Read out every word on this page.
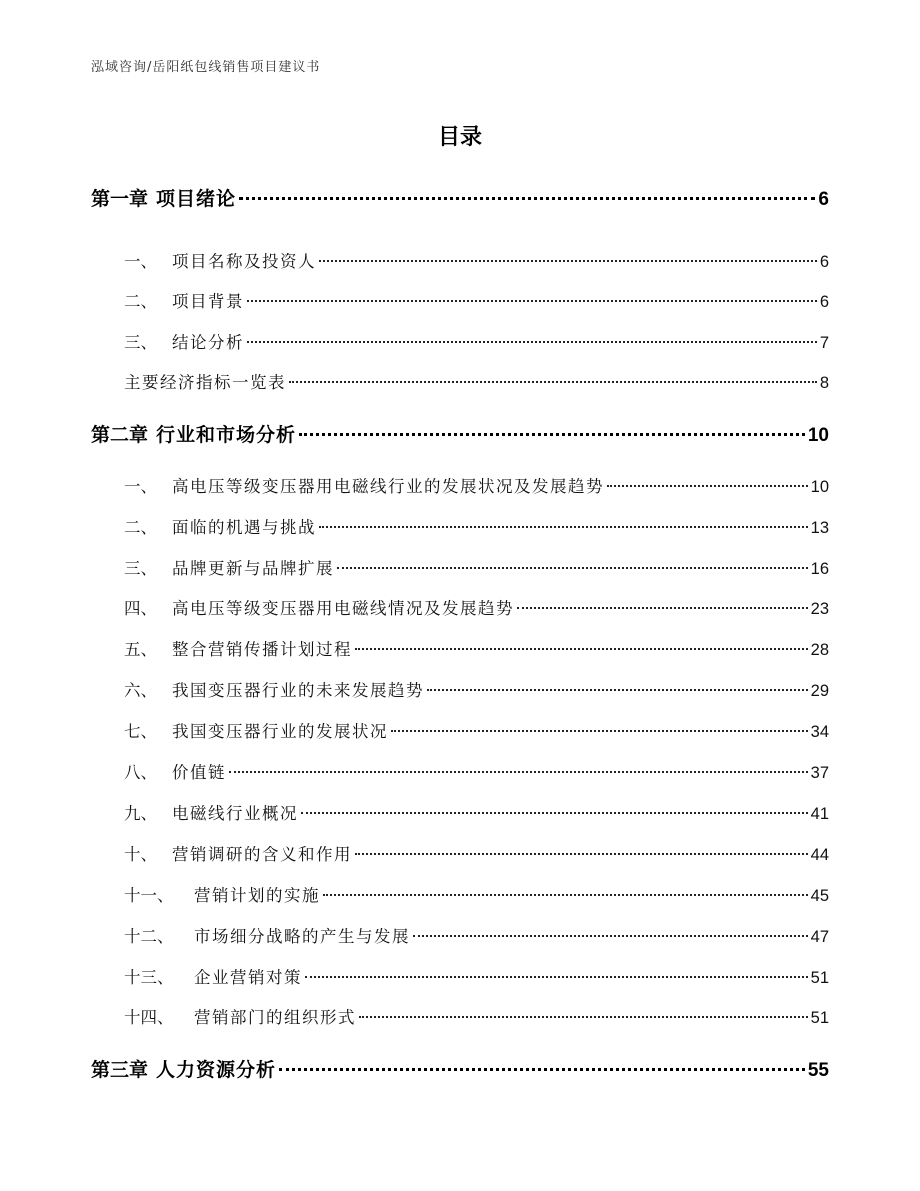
泓域咨询/岳阳纸包线销售项目建议书
目录
第一章 项目绪论	6
一、 项目名称及投资人	6
二、 项目背景	6
三、 结论分析	7
主要经济指标一览表	8
第二章 行业和市场分析	10
一、 高电压等级变压器用电磁线行业的发展状况及发展趋势	10
二、 面临的机遇与挑战	13
三、 品牌更新与品牌扩展	16
四、 高电压等级变压器用电磁线情况及发展趋势	23
五、 整合营销传播计划过程	28
六、 我国变压器行业的未来发展趋势	29
七、 我国变压器行业的发展状况	34
八、 价值链	37
九、 电磁线行业概况	41
十、 营销调研的含义和作用	44
十一、	营销计划的实施	45
十二、	市场细分战略的产生与发展	47
十三、	企业营销对策	51
十四、	营销部门的组织形式	51
第三章 人力资源分析	55
